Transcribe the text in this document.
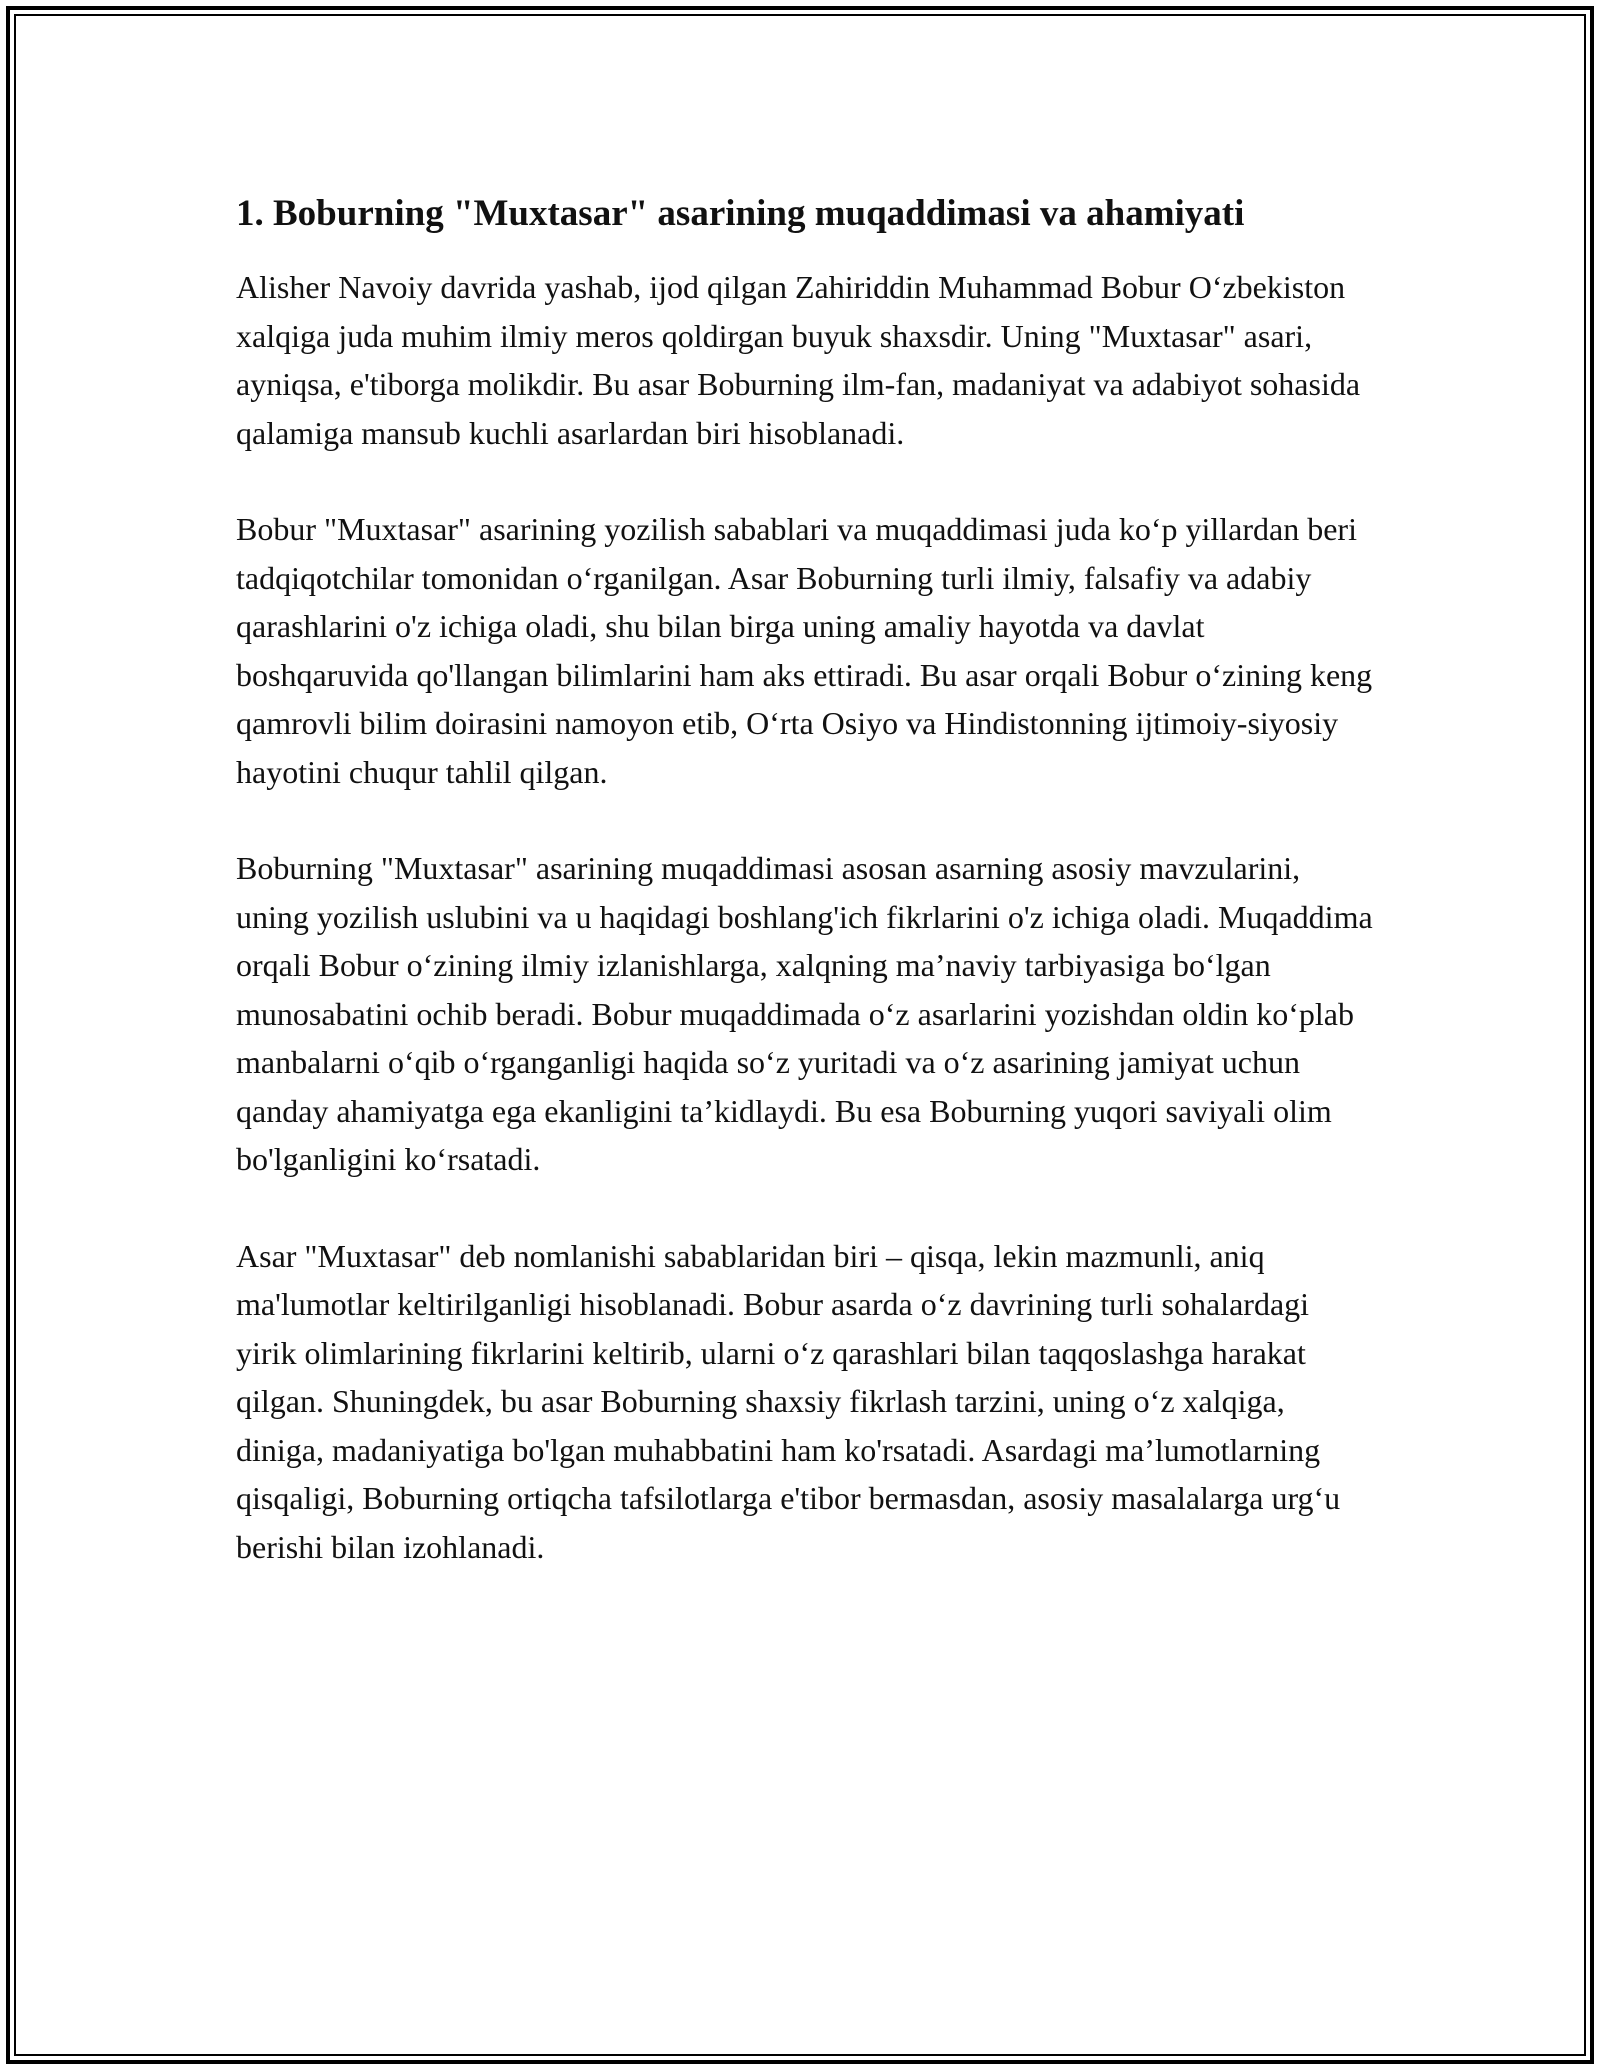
1. Boburning "Muxtasar" asarining muqaddimasi va ahamiyati

Alisher Navoiy davrida yashab, ijod qilgan Zahiriddin Muhammad Bobur O‘zbekiston xalqiga juda muhim ilmiy meros qoldirgan buyuk shaxsdir. Uning "Muxtasar" asari, ayniqsa, e'tiborga molikdir. Bu asar Boburning ilm-fan, madaniyat va adabiyot sohasida qalamiga mansub kuchli asarlardan biri hisoblanadi.

Bobur "Muxtasar" asarining yozilish sabablari va muqaddimasi juda ko‘p yillardan beri tadqiqotchilar tomonidan o‘rganilgan. Asar Boburning turli ilmiy, falsafiy va adabiy qarashlarini o'z ichiga oladi, shu bilan birga uning amaliy hayotda va davlat boshqaruvida qo'llangan bilimlarini ham aks ettiradi. Bu asar orqali Bobur o‘zining keng qamrovli bilim doirasini namoyon etib, O‘rta Osiyo va Hindistonning ijtimoiy-siyosiy hayotini chuqur tahlil qilgan.

Boburning "Muxtasar" asarining muqaddimasi asosan asarning asosiy mavzularini, uning yozilish uslubini va u haqidagi boshlang'ich fikrlarini o'z ichiga oladi. Muqaddima orqali Bobur o‘zining ilmiy izlanishlarga, xalqning ma’naviy tarbiyasiga bo‘lgan munosabatini ochib beradi. Bobur muqaddimada o‘z asarlarini yozishdan oldin ko‘plab manbalarni o‘qib o‘rganganligi haqida so‘z yuritadi va o‘z asarining jamiyat uchun qanday ahamiyatga ega ekanligini ta’kidlaydi. Bu esa Boburning yuqori saviyali olim bo'lganligini ko‘rsatadi.

Asar "Muxtasar" deb nomlanishi sabablaridan biri – qisqa, lekin mazmunli, aniq ma'lumotlar keltirilganligi hisoblanadi. Bobur asarda o‘z davrining turli sohalardagi yirik olimlarining fikrlarini keltirib, ularni o‘z qarashlari bilan taqqoslashga harakat qilgan. Shuningdek, bu asar Boburning shaxsiy fikrlash tarzini, uning o‘z xalqiga, diniga, madaniyatiga bo'lgan muhabbatini ham ko'rsatadi. Asardagi ma’lumotlarning qisqaligi, Boburning ortiqcha tafsilotlarga e'tibor bermasdan, asosiy masalalarga urg‘u berishi bilan izohlanadi.
